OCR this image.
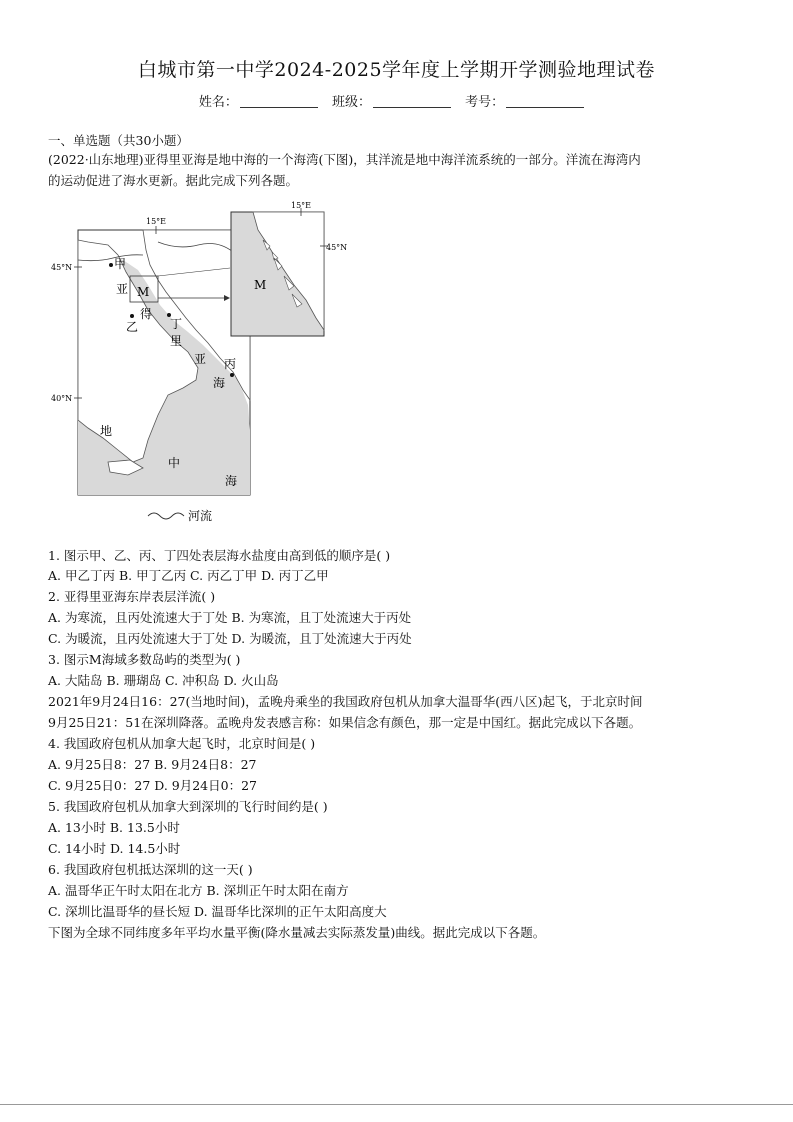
白城市第一中学2024-2025学年度上学期开学测验地理试卷
姓名：	班级：	考号：
一、单选题（共30小题）
(2022·山东地理)亚得里亚海是地中海的一个海湾(下图)，其洋流是地中海洋流系统的一部分。洋流在海湾内
的运动促进了海水更新。据此完成下列各题。
15°E
45°N
40°N
M
甲
亚
得
乙	丁
里
亚 丙
海
地
中
海
15°E
45°N
M
河流
1. 图示甲、乙、丙、丁四处表层海水盐度由高到低的顺序是( )
A. 甲乙丁丙 B. 甲丁乙丙 C. 丙乙丁甲 D. 丙丁乙甲
2. 亚得里亚海东岸表层洋流( )
A. 为寒流，且丙处流速大于丁处 B. 为寒流，且丁处流速大于丙处
C. 为暖流，且丙处流速大于丁处 D. 为暖流，且丁处流速大于丙处
3. 图示M海域多数岛屿的类型为( )
A. 大陆岛 B. 珊瑚岛 C. 冲积岛 D. 火山岛
2021年9月24日16：27(当地时间)，孟晚舟乘坐的我国政府包机从加拿大温哥华(西八区)起飞，于北京时间
9月25日21：51在深圳降落。孟晚舟发表感言称：如果信念有颜色，那一定是中国红。据此完成以下各题。
4. 我国政府包机从加拿大起飞时，北京时间是( )
A. 9月25日8：27 B. 9月24日8：27
C. 9月25日0：27 D. 9月24日0：27
5. 我国政府包机从加拿大到深圳的飞行时间约是( )
A. 13小时 B. 13.5小时
C. 14小时 D. 14.5小时
6. 我国政府包机抵达深圳的这一天( )
A. 温哥华正午时太阳在北方 B. 深圳正午时太阳在南方
C. 深圳比温哥华的昼长短 D. 温哥华比深圳的正午太阳高度大
下图为全球不同纬度多年平均水量平衡(降水量减去实际蒸发量)曲线。据此完成以下各题。
